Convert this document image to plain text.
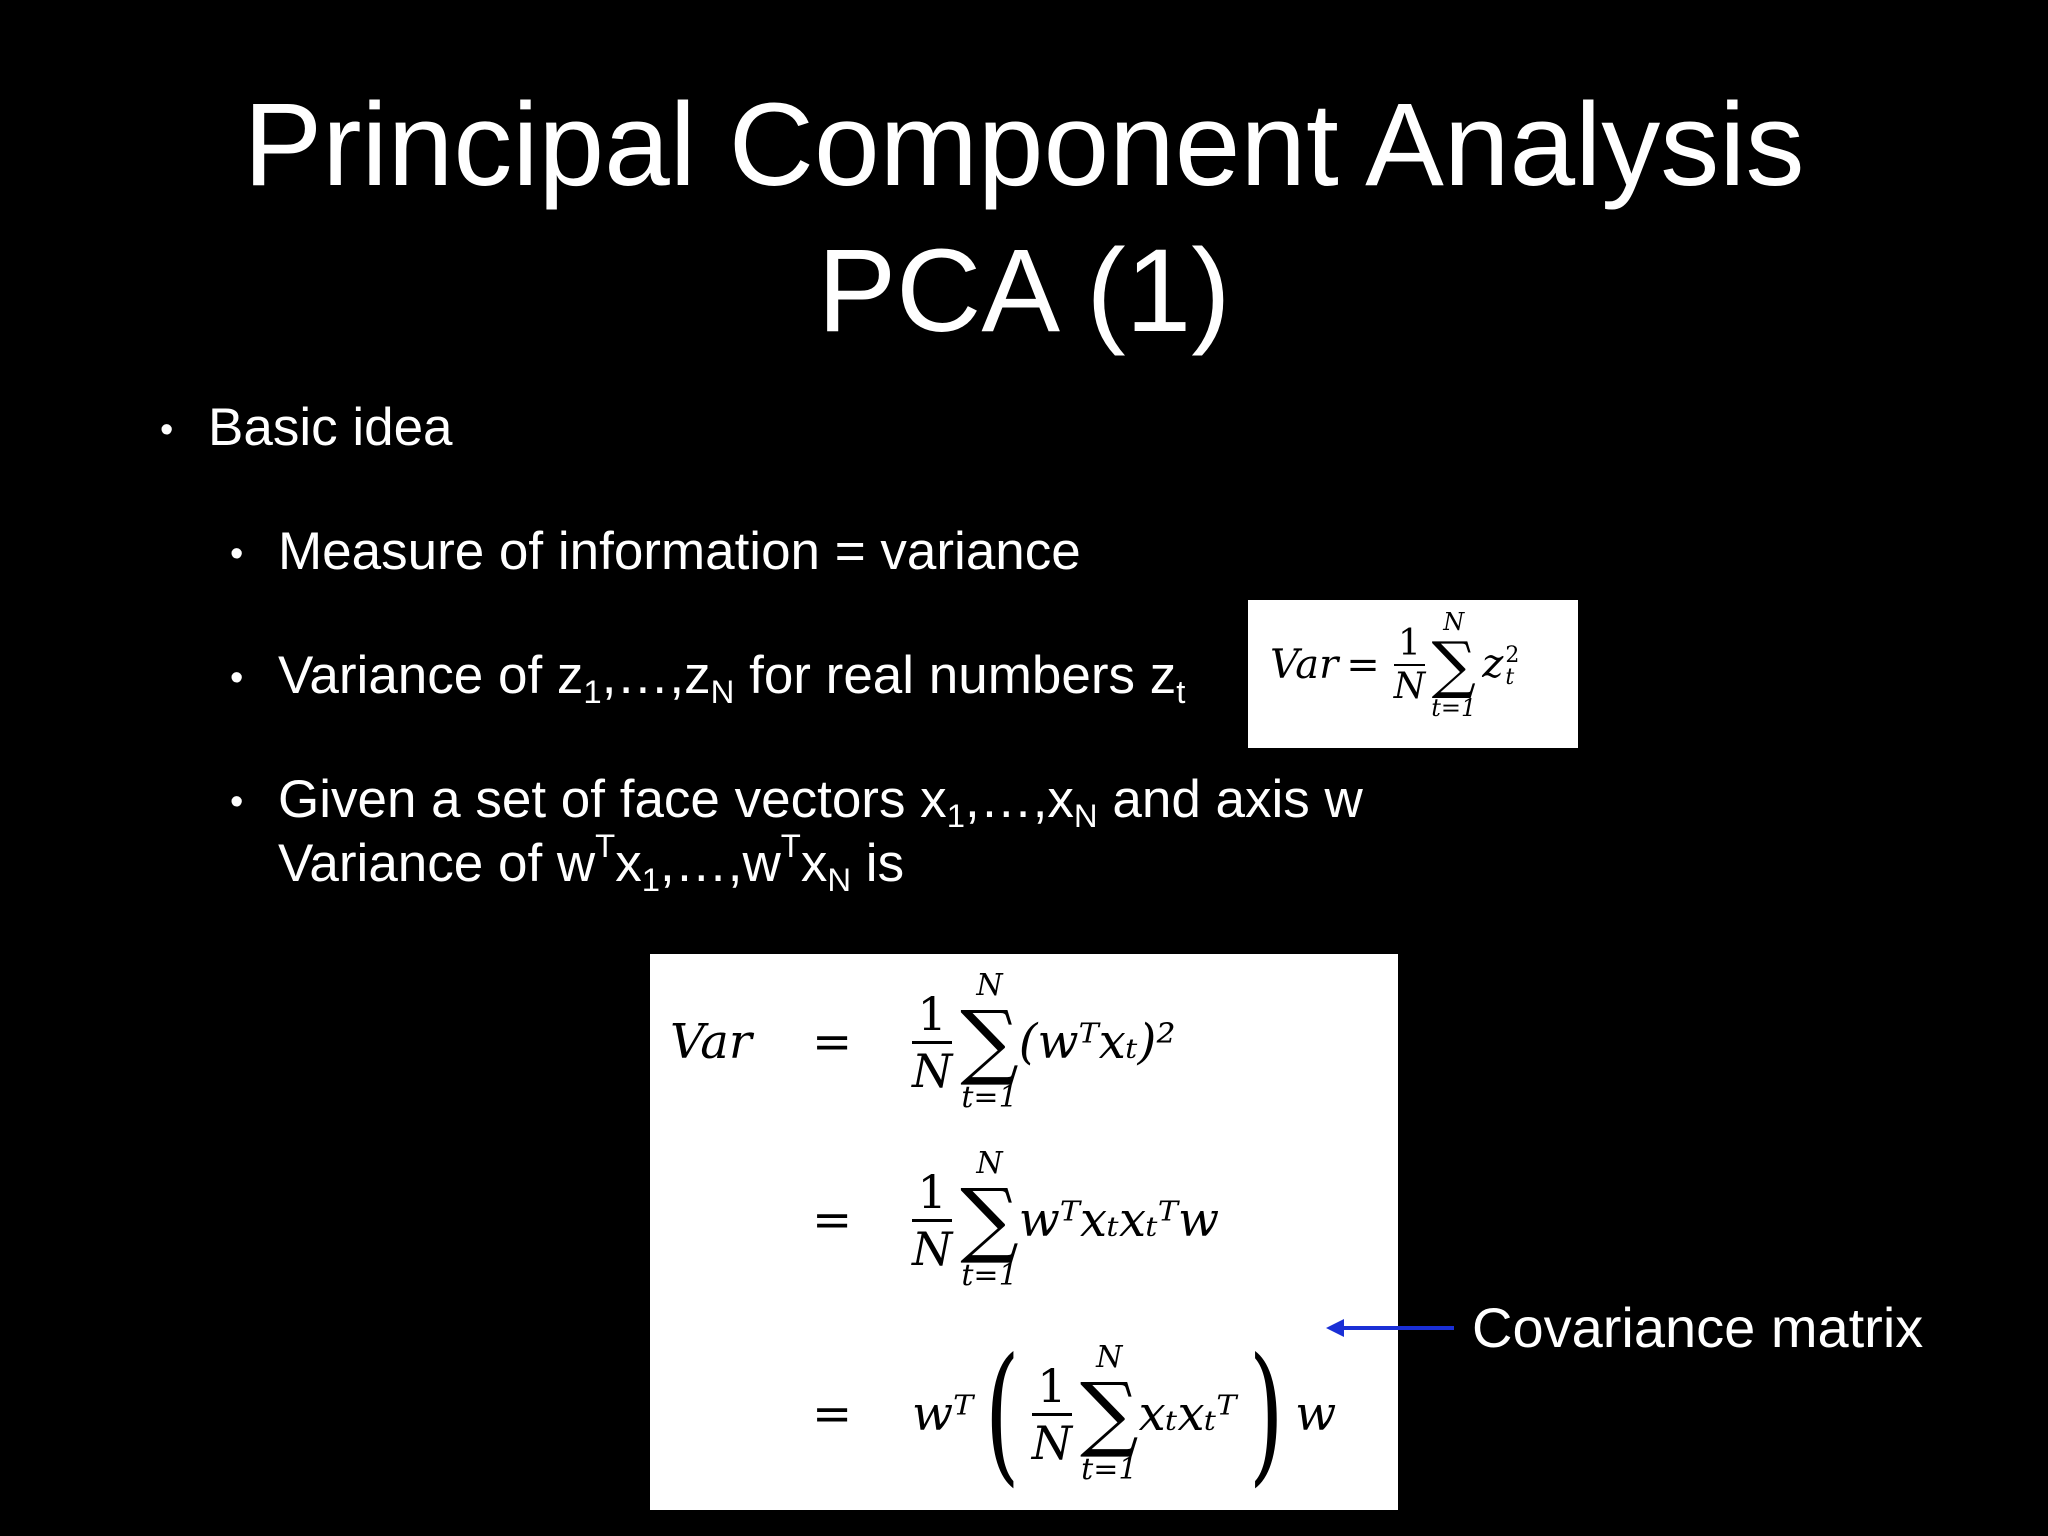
Principal Component Analysis
PCA (1)
• Basic idea
• Measure of information = variance
• Variance of $z_1,\dots,z_N$ for real numbers $z_t$
• Given a set of face vectors $x_1,\dots,x_N$ and axis w
Variance of $w^Tx_1,\dots,w^Tx_N$ is
Var = $\frac{1}{N}$
N
∑
t=1
z 2
t
Var = $\frac{1}{N}$
N
∑
t=1
(wᵀxₜ)²
= $\frac{1}{N}$
N
∑
t=1
wᵀxₜxₜᵀw
= wᵀ ( $\frac{1}{N}$
N
∑
t=1
xₜxₜᵀ ) w
Covariance matrix
